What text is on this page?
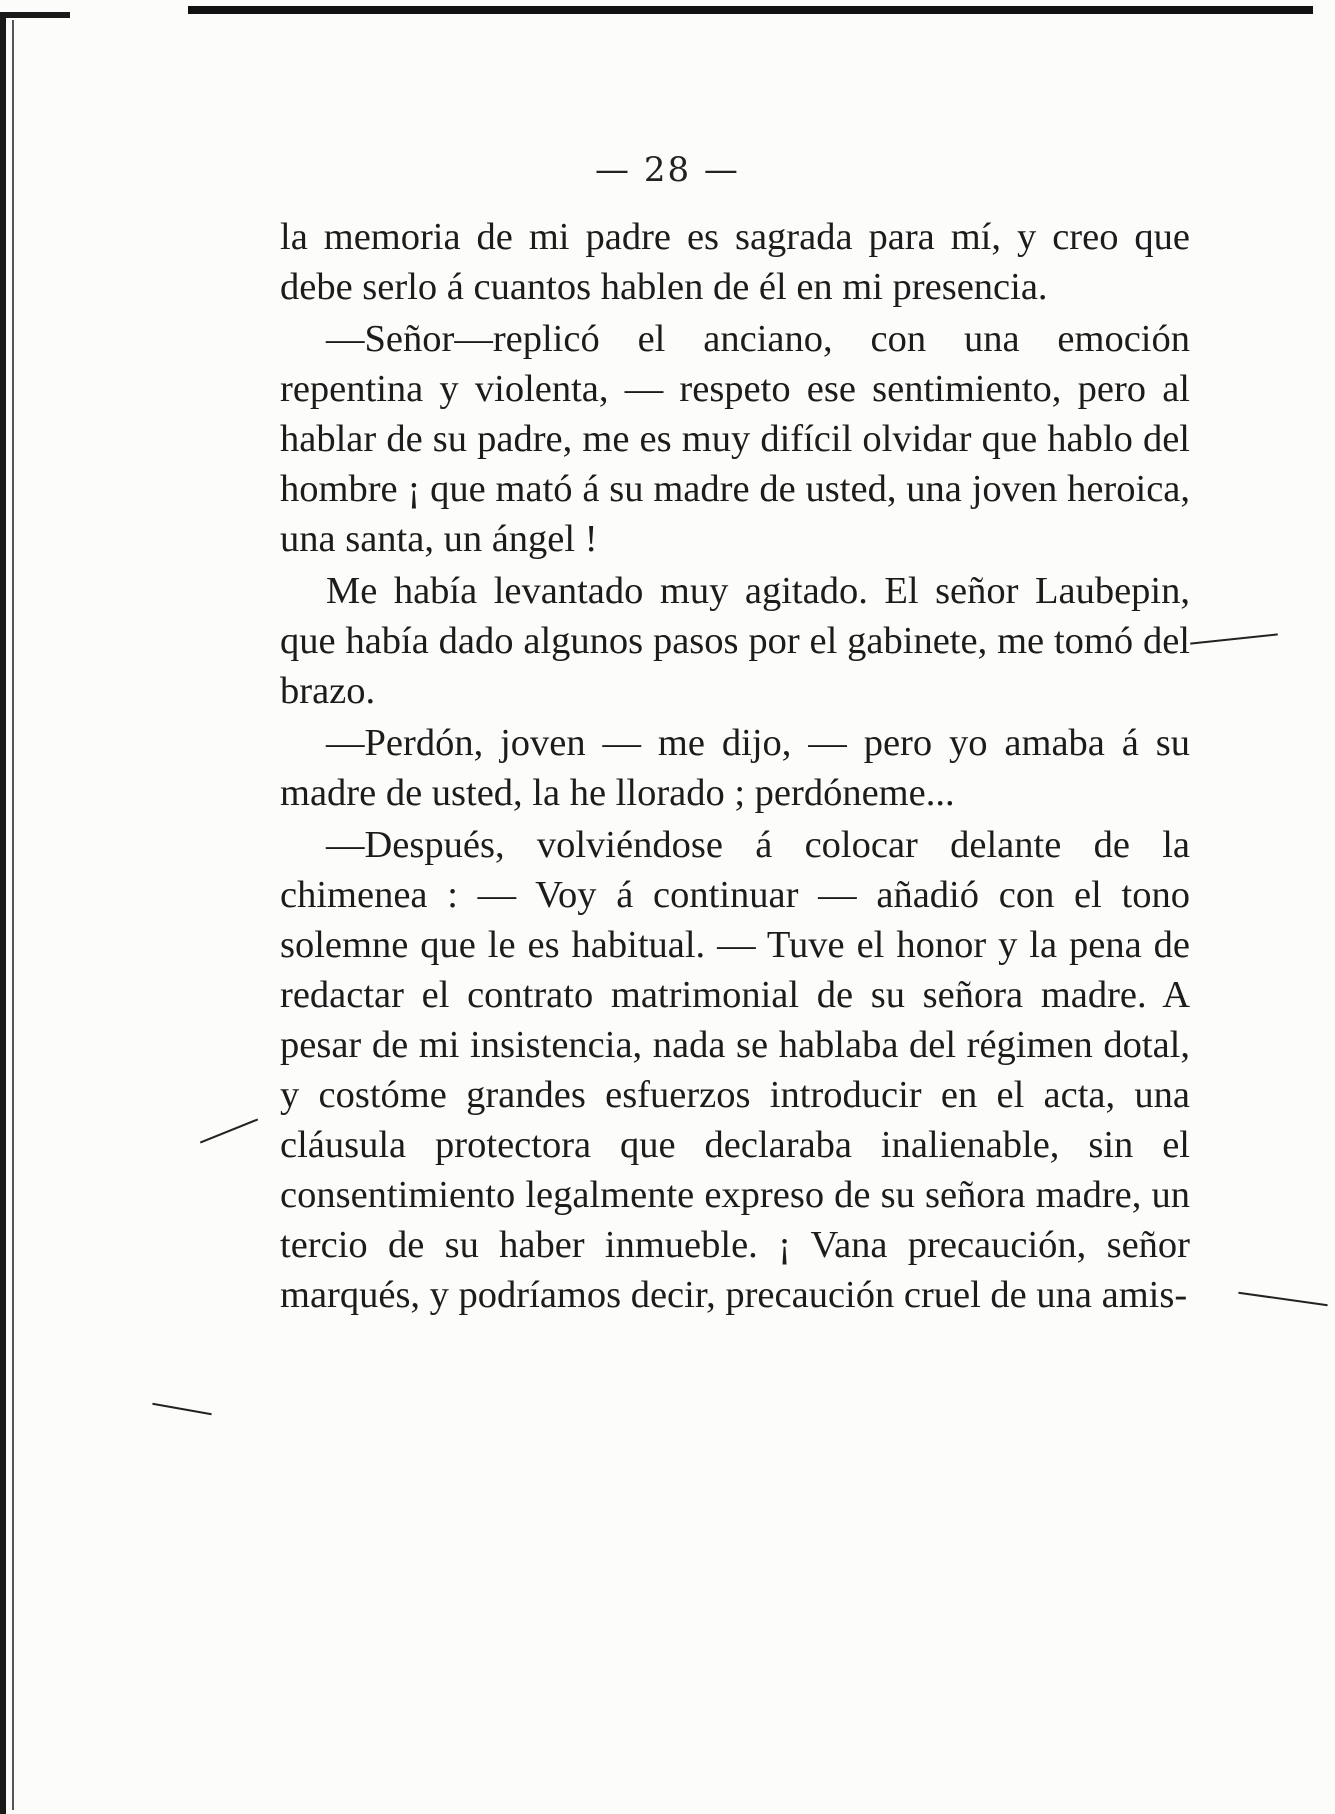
— 28 —

la memoria de mi padre es sagrada para mí, y creo que debe serlo á cuantos hablen de él en mi presencia.

—Señor—replicó el anciano, con una emoción repentina y violenta, — respeto ese sentimiento, pero al hablar de su padre, me es muy difícil olvidar que hablo del hombre ¡ que mató á su madre de usted, una joven heroica, una santa, un ángel !

Me había levantado muy agitado. El señor Laubepin, que había dado algunos pasos por el gabinete, me tomó del brazo.

—Perdón, joven — me dijo, — pero yo amaba á su madre de usted, la he llorado ; perdóneme...

—Después, volviéndose á colocar delante de la chimenea : — Voy á continuar — añadió con el tono solemne que le es habitual. — Tuve el honor y la pena de redactar el contrato matrimonial de su señora madre. A pesar de mi insistencia, nada se hablaba del régimen dotal, y costóme grandes esfuerzos introducir en el acta, una cláusula protectora que declaraba inalienable, sin el consentimiento legalmente expreso de su señora madre, un tercio de su haber inmueble. ¡ Vana precaución, señor marqués, y podríamos decir, precaución cruel de una amis-
